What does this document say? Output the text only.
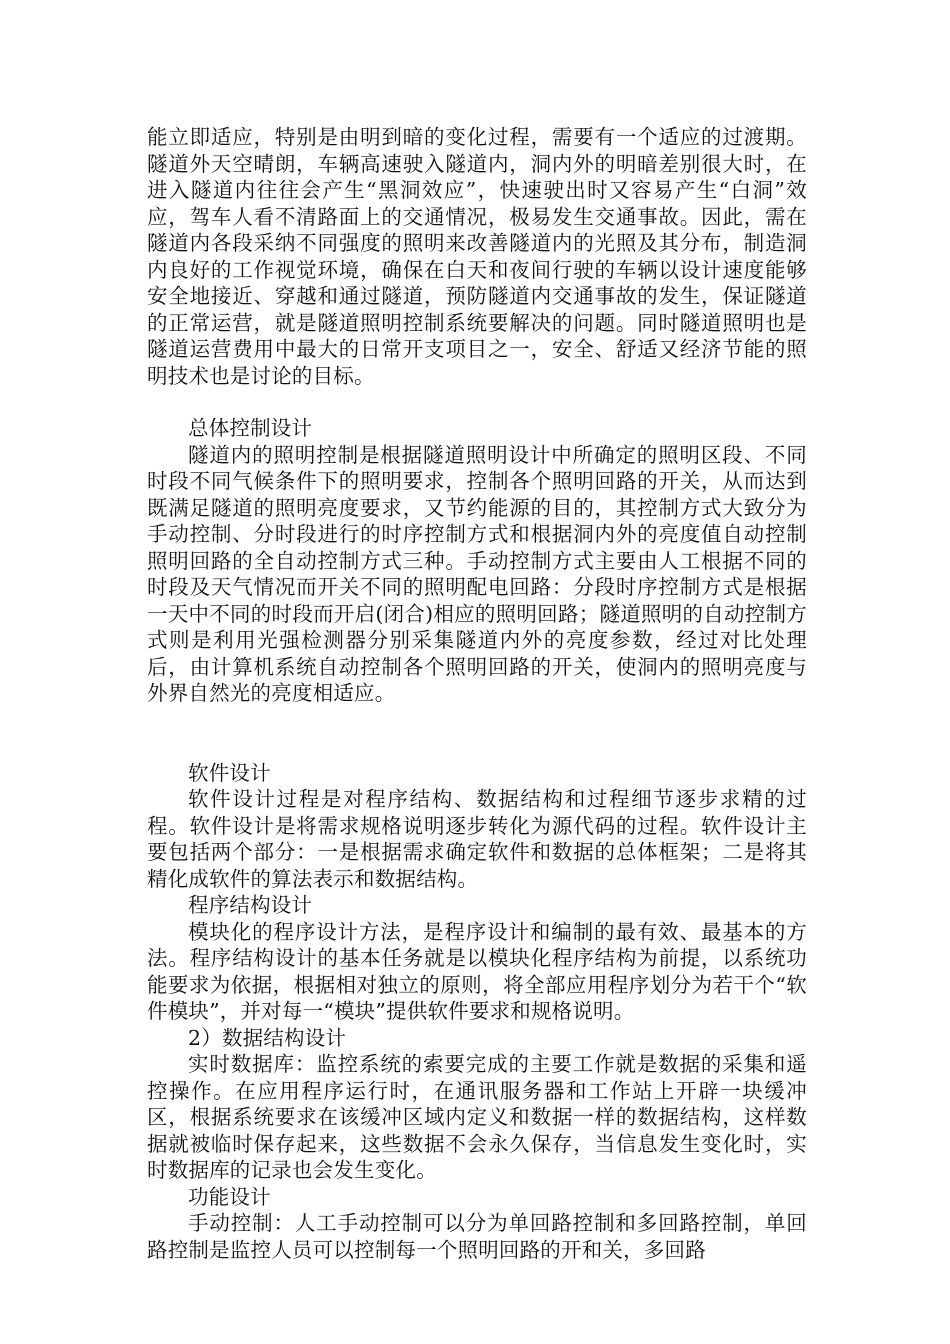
能立即适应，特别是由明到暗的变化过程，需要有一个适应的过渡期。隧道外天空晴朗，车辆高速驶入隧道内，洞内外的明暗差别很大时，在进入隧道内往往会产生“黑洞效应”，快速驶出时又容易产生“白洞”效应，驾车人看不清路面上的交通情况，极易发生交通事故。因此，需在隧道内各段采纳不同强度的照明来改善隧道内的光照及其分布，制造洞内良好的工作视觉环境，确保在白天和夜间行驶的车辆以设计速度能够安全地接近、穿越和通过隧道，预防隧道内交通事故的发生，保证隧道的正常运营，就是隧道照明控制系统要解决的问题。同时隧道照明也是隧道运营费用中最大的日常开支项目之一，安全、舒适又经济节能的照明技术也是讨论的目标。

总体控制设计

隧道内的照明控制是根据隧道照明设计中所确定的照明区段、不同时段不同气候条件下的照明要求，控制各个照明回路的开关，从而达到既满足隧道的照明亮度要求，又节约能源的目的，其控制方式大致分为手动控制、分时段进行的时序控制方式和根据洞内外的亮度值自动控制照明回路的全自动控制方式三种。手动控制方式主要由人工根据不同的时段及天气情况而开关不同的照明配电回路：分段时序控制方式是根据一天中不同的时段而开启(闭合)相应的照明回路；隧道照明的自动控制方式则是利用光强检测器分别采集隧道内外的亮度参数，经过对比处理后，由计算机系统自动控制各个照明回路的开关，使洞内的照明亮度与外界自然光的亮度相适应。

软件设计

软件设计过程是对程序结构、数据结构和过程细节逐步求精的过程。软件设计是将需求规格说明逐步转化为源代码的过程。软件设计主要包括两个部分：一是根据需求确定软件和数据的总体框架；二是将其精化成软件的算法表示和数据结构。

程序结构设计

模块化的程序设计方法，是程序设计和编制的最有效、最基本的方法。程序结构设计的基本任务就是以模块化程序结构为前提，以系统功能要求为依据，根据相对独立的原则，将全部应用程序划分为若干个“软件模块”，并对每一“模块”提供软件要求和规格说明。

2）数据结构设计

实时数据库：监控系统的索要完成的主要工作就是数据的采集和遥控操作。在应用程序运行时，在通讯服务器和工作站上开辟一块缓冲区，根据系统要求在该缓冲区域内定义和数据一样的数据结构，这样数据就被临时保存起来，这些数据不会永久保存，当信息发生变化时，实时数据库的记录也会发生变化。

功能设计

手动控制：人工手动控制可以分为单回路控制和多回路控制，单回路控制是监控人员可以控制每一个照明回路的开和关，多回路
